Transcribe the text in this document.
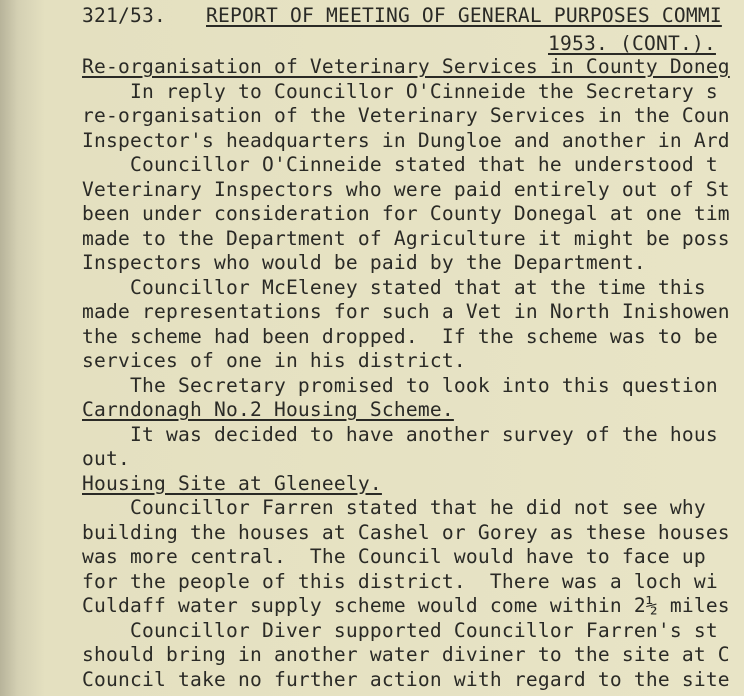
321/53. REPORT OF MEETING OF GENERAL PURPOSES COMMI
1953. (CONT.).
Re-organisation of Veterinary Services in County Doneg
In reply to Councillor O'Cinneide the Secretary s
re-organisation of the Veterinary Services in the Coun
Inspector's headquarters in Dungloe and another in Ard
Councillor O'Cinneide stated that he understood t
Veterinary Inspectors who were paid entirely out of St
been under consideration for County Donegal at one tim
made to the Department of Agriculture it might be poss
Inspectors who would be paid by the Department.
Councillor McEleney stated that at the time this
made representations for such a Vet in North Inishowen
the scheme had been dropped.  If the scheme was to be
services of one in his district.
The Secretary promised to look into this question
Carndonagh No.2 Housing Scheme.
It was decided to have another survey of the hous
out.
Housing Site at Gleneely.
Councillor Farren stated that he did not see why
building the houses at Cashel or Gorey as these houses
was more central.  The Council would have to face up
for the people of this district.  There was a loch wi
Culdaff water supply scheme would come within 2½ miles
Councillor Diver supported Councillor Farren's st
should bring in another water diviner to the site at C
Council take no further action with regard to the site
